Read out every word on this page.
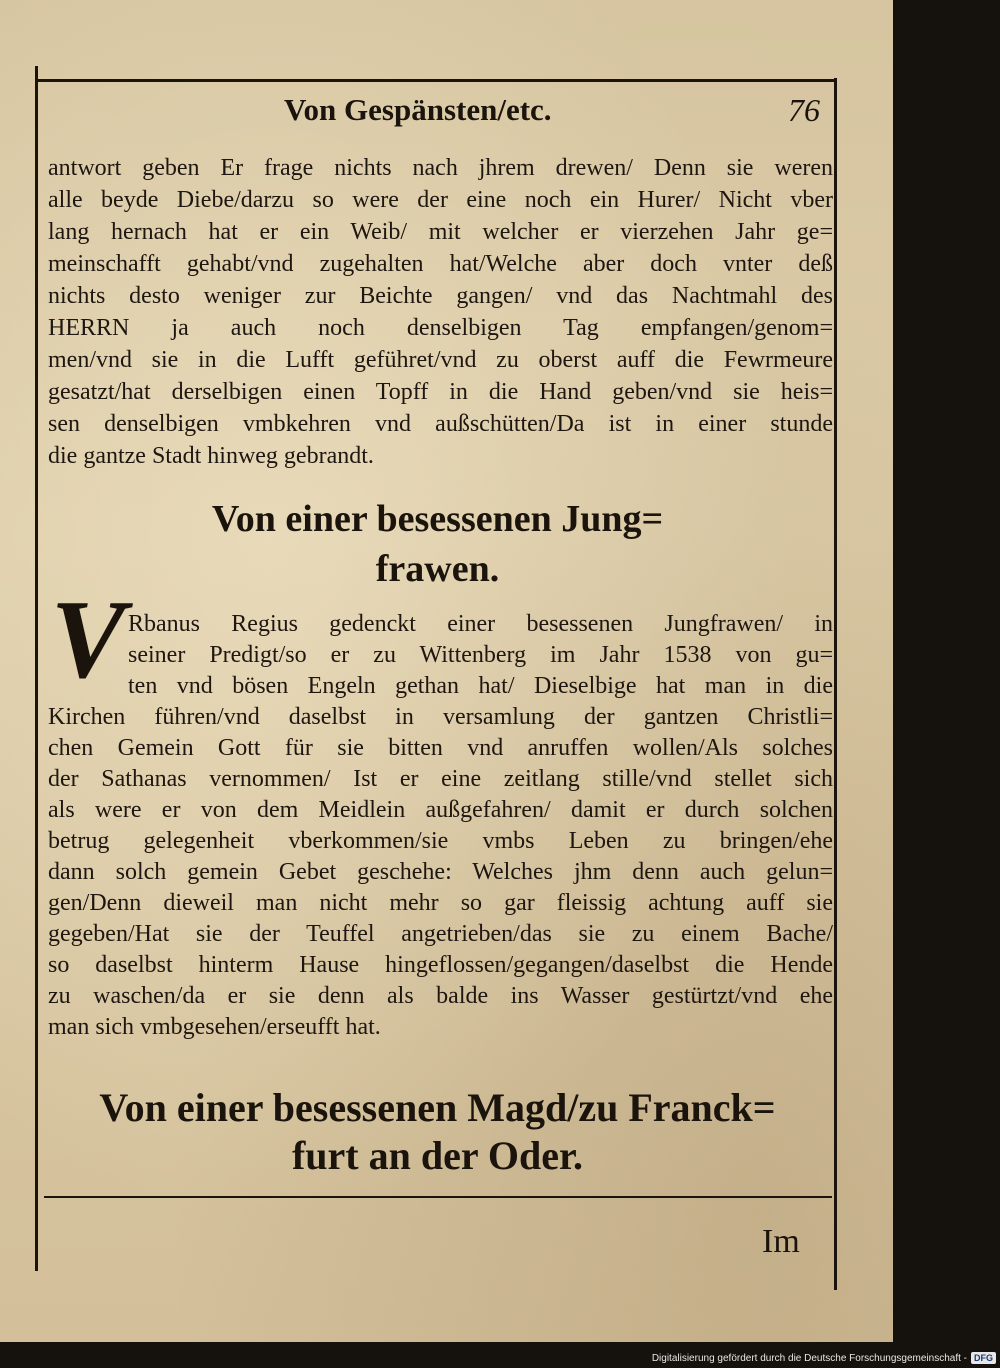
Von Gespänsten/etc.	76
antwort geben Er frage nichts nach jhrem drewen/ Denn sie weren
alle beyde Diebe/darzu so were der eine noch ein Hurer/ Nicht vber
lang hernach hat er ein Weib/ mit welcher er vierzehen Jahr ge=
meinschafft gehabt/vnd zugehalten hat/Welche aber doch vnter deß
nichts desto weniger zur Beichte gangen/ vnd das Nachtmahl des
HERRN ja auch noch denselbigen Tag empfangen/genom=
men/vnd sie in die Lufft geführet/vnd zu oberst auff die Fewrmeure
gesatzt/hat derselbigen einen Topff in die Hand geben/vnd sie heis=
sen denselbigen vmbkehren vnd außschütten/Da ist in einer stunde
die gantze Stadt hinweg gebrandt.
Von einer besessenen Jung=
frawen.
V Rbanus Regius gedenckt einer besessenen Jungfrawen/ in
seiner Predigt/so er zu Wittenberg im Jahr 1538 von gu=
ten vnd bösen Engeln gethan hat/ Dieselbige hat man in die
Kirchen führen/vnd daselbst in versamlung der gantzen Christli=
chen Gemein Gott für sie bitten vnd anruffen wollen/Als solches
der Sathanas vernommen/ Ist er eine zeitlang stille/vnd stellet sich
als were er von dem Meidlein außgefahren/ damit er durch solchen
betrug gelegenheit vberkommen/sie vmbs Leben zu bringen/ehe
dann solch gemein Gebet geschehe: Welches jhm denn auch gelun=
gen/Denn dieweil man nicht mehr so gar fleissig achtung auff sie
gegeben/Hat sie der Teuffel angetrieben/das sie zu einem Bache/
so daselbst hinterm Hause hingeflossen/gegangen/daselbst die Hende
zu waschen/da er sie denn als balde ins Wasser gestürtzt/vnd ehe
man sich vmbgesehen/erseufft hat.
Von einer besessenen Magd/zu Franck=
furt an der Oder.
Im
Digitalisierung gefördert durch die Deutsche Forschungsgemeinschaft - DFG
